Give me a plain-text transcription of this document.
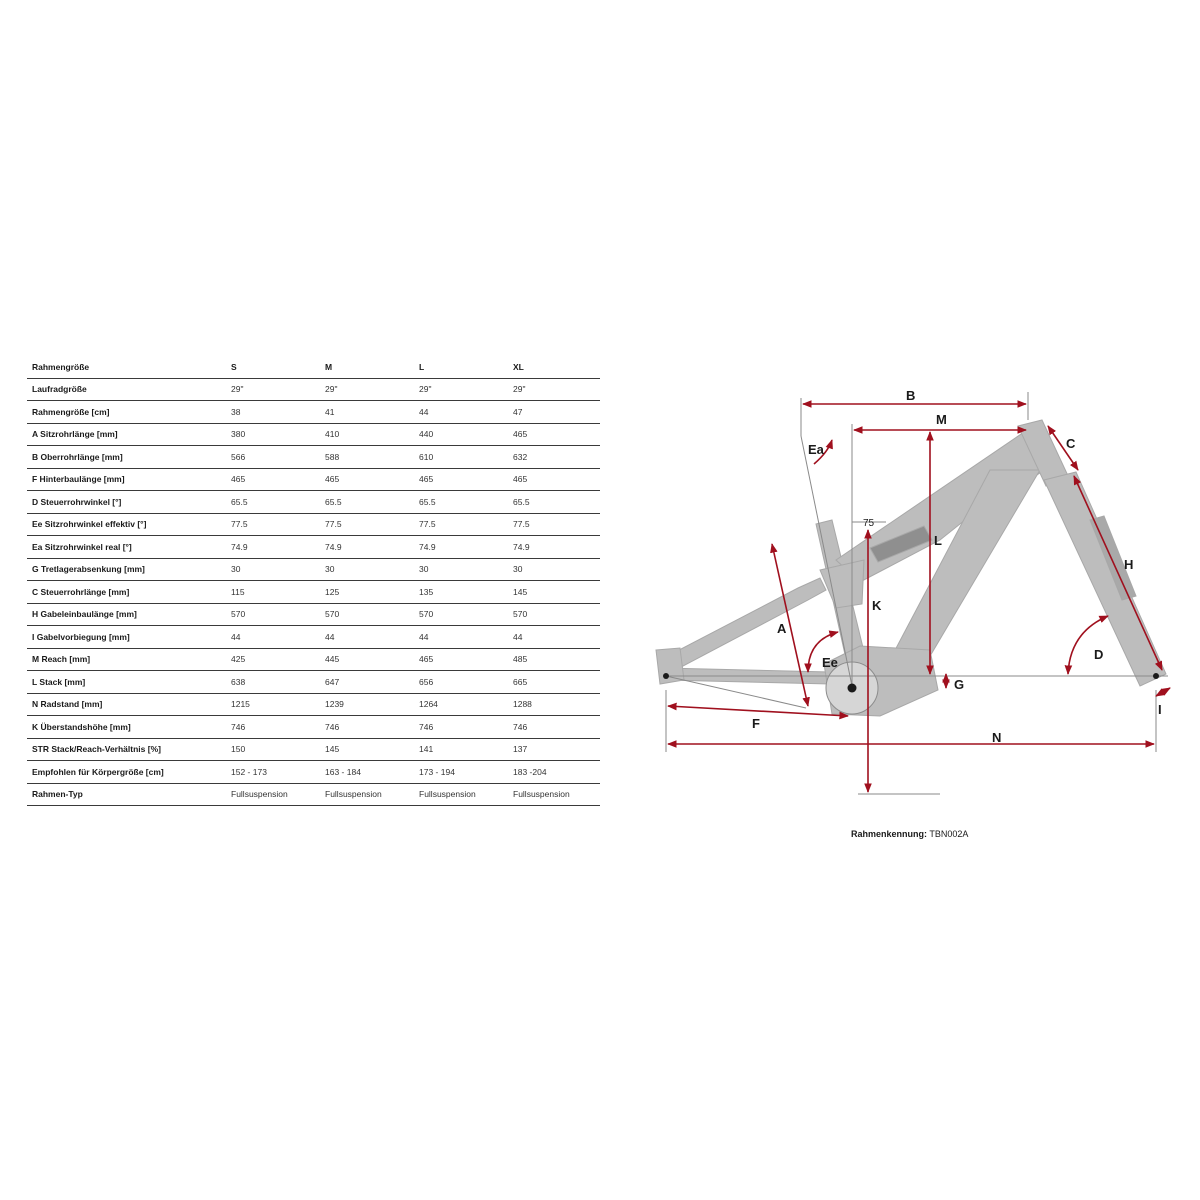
Rahmengröße	S	M	L	XL
Laufradgröße	29"	29"	29"	29"
Rahmengröße [cm]	38	41	44	47
A Sitzrohrlänge [mm]	380	410	440	465
B Oberrohrlänge [mm]	566	588	610	632
F Hinterbaulänge [mm]	465	465	465	465
D Steuerrohrwinkel [°]	65.5	65.5	65.5	65.5
Ee Sitzrohrwinkel effektiv [°]	77.5	77.5	77.5	77.5
Ea Sitzrohrwinkel real [°]	74.9	74.9	74.9	74.9
G Tretlagerabsenkung [mm]	30	30	30	30
C Steuerrohrlänge [mm]	115	125	135	145
H Gabeleinbaulänge [mm]	570	570	570	570
I Gabelvorbiegung [mm]	44	44	44	44
M Reach [mm]	425	445	465	485
L Stack [mm]	638	647	656	665
N Radstand [mm]	1215	1239	1264	1288
K Überstandshöhe [mm]	746	746	746	746
STR Stack/Reach-Verhältnis [%]	150	145	141	137
Empfohlen für Körpergröße [cm]	152 - 173	163 - 184	173 - 194	183 -204
Rahmen-Typ	Fullsuspension	Fullsuspension	Fullsuspension	Fullsuspension
B
M
C
Ea
75
L
H
K
A
D
Ee
G
I
F
N
Rahmenkennung: TBN002A
